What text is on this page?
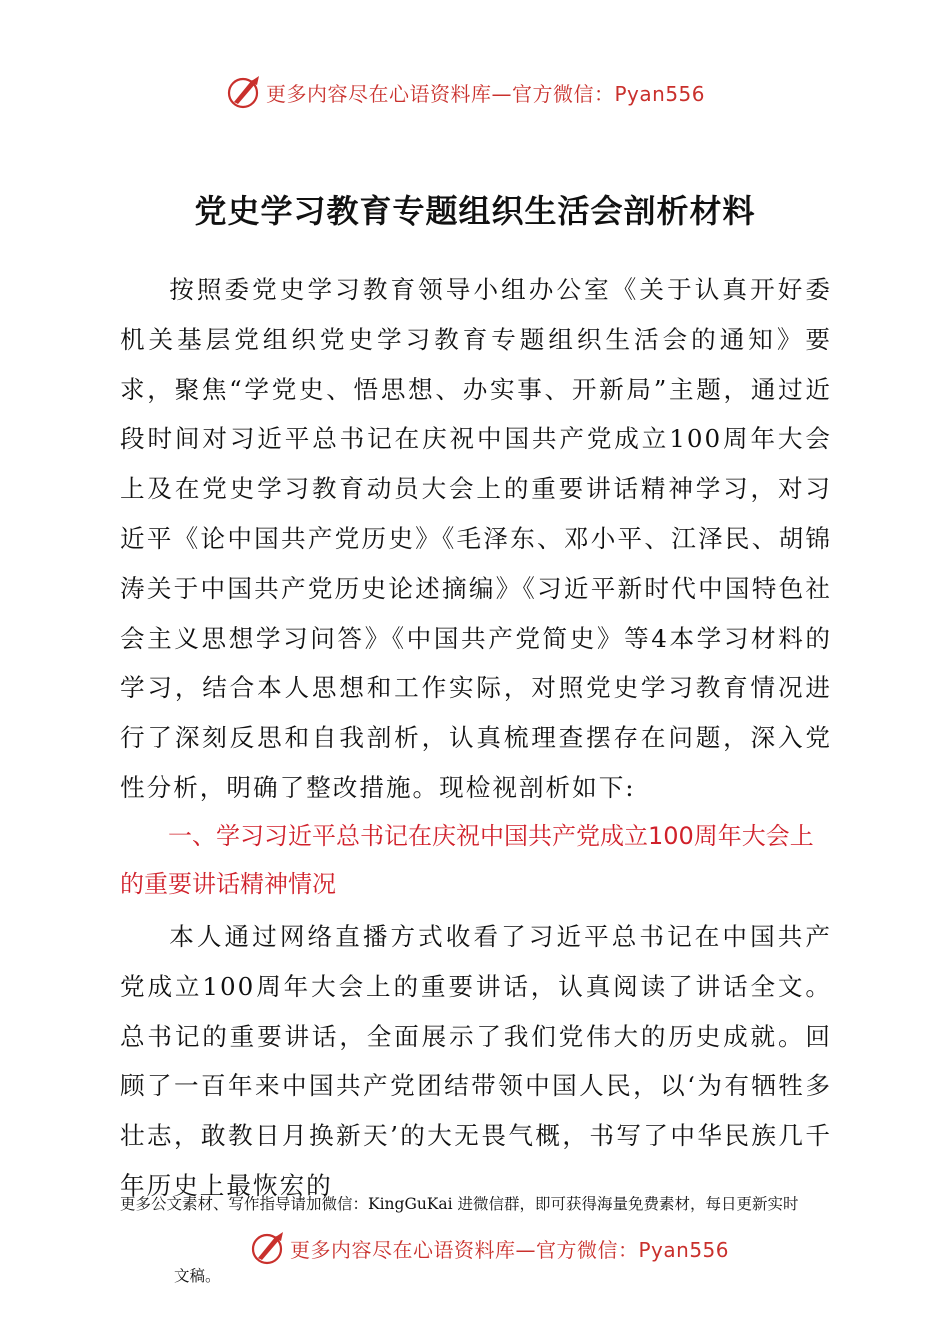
更多内容尽在心语资料库—官方微信：Pyan556
党史学习教育专题组织生活会剖析材料

按照委党史学习教育领导小组办公室《关于认真开好委机关基层党组织党史学习教育专题组织生活会的通知》要求，聚焦“学党史、悟思想、办实事、开新局”主题，通过近段时间对习近平总书记在庆祝中国共产党成立100周年大会上及在党史学习教育动员大会上的重要讲话精神学习，对习近平《论中国共产党历史》《毛泽东、邓小平、江泽民、胡锦涛关于中国共产党历史论述摘编》《习近平新时代中国特色社会主义思想学习问答》《中国共产党简史》等4本学习材料的学习，结合本人思想和工作实际，对照党史学习教育情况进行了深刻反思和自我剖析，认真梳理查摆存在问题，深入党性分析，明确了整改措施。现检视剖析如下:

一、学习习近平总书记在庆祝中国共产党成立100周年大会上的重要讲话精神情况

本人通过网络直播方式收看了习近平总书记在中国共产党成立100周年大会上的重要讲话，认真阅读了讲话全文。总书记的重要讲话，全面展示了我们党伟大的历史成就。回顾了一百年来中国共产党团结带领中国人民，以‘为有牺牲多壮志，敢教日月换新天’的大无畏气概，书写了中华民族几千年历史上最恢宏的

更多公文素材、写作指导请加微信：KingGuKai 进微信群，即可获得海量免费素材，每日更新实时
文稿。
更多内容尽在心语资料库—官方微信：Pyan556
